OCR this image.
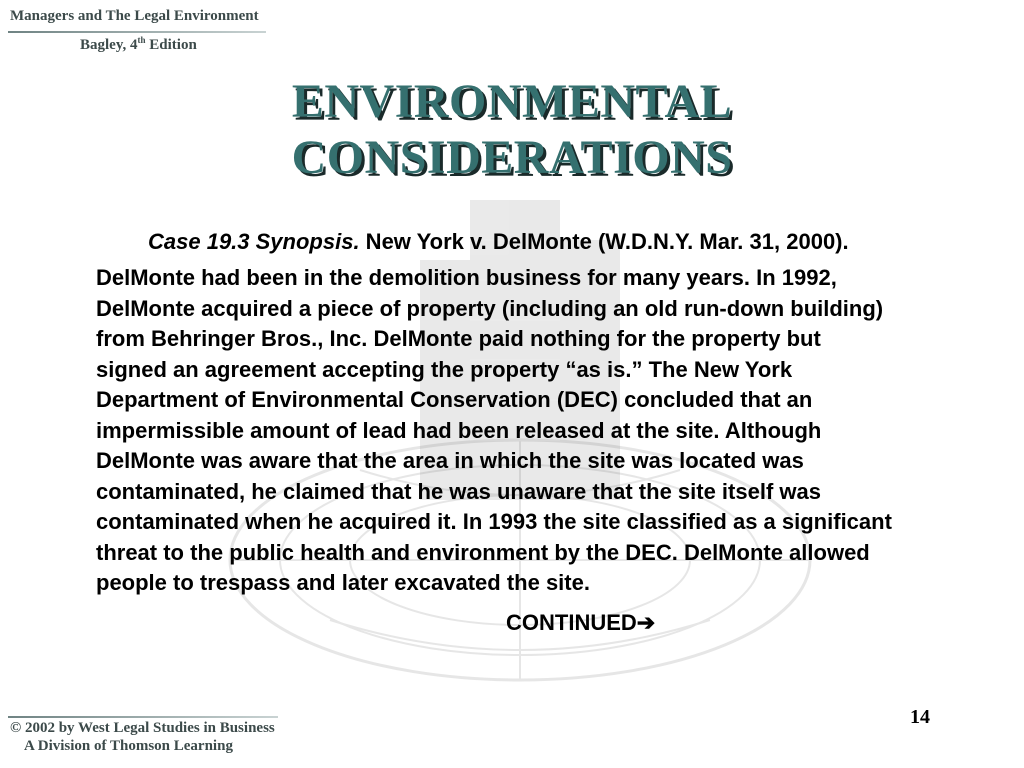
Managers and The Legal Environment
Bagley, 4th Edition
ENVIRONMENTAL
CONSIDERATIONS
Case 19.3 Synopsis. New York v. DelMonte (W.D.N.Y. Mar. 31, 2000).
DelMonte had been in the demolition business for many years. In 1992,
DelMonte acquired a piece of property (including an old run-down building)
from Behringer Bros., Inc. DelMonte paid nothing for the property but
signed an agreement accepting the property “as is.” The New York
Department of Environmental Conservation (DEC) concluded that an
impermissible amount of lead had been released at the site. Although
DelMonte was aware that the area in which the site was located was
contaminated, he claimed that he was unaware that the site itself was
contaminated when he acquired it. In 1993 the site classified as a significant
threat to the public health and environment by the DEC. DelMonte allowed
people to trespass and later excavated the site.
CONTINUED➔
14
© 2002 by West Legal Studies in Business
A Division of Thomson Learning
